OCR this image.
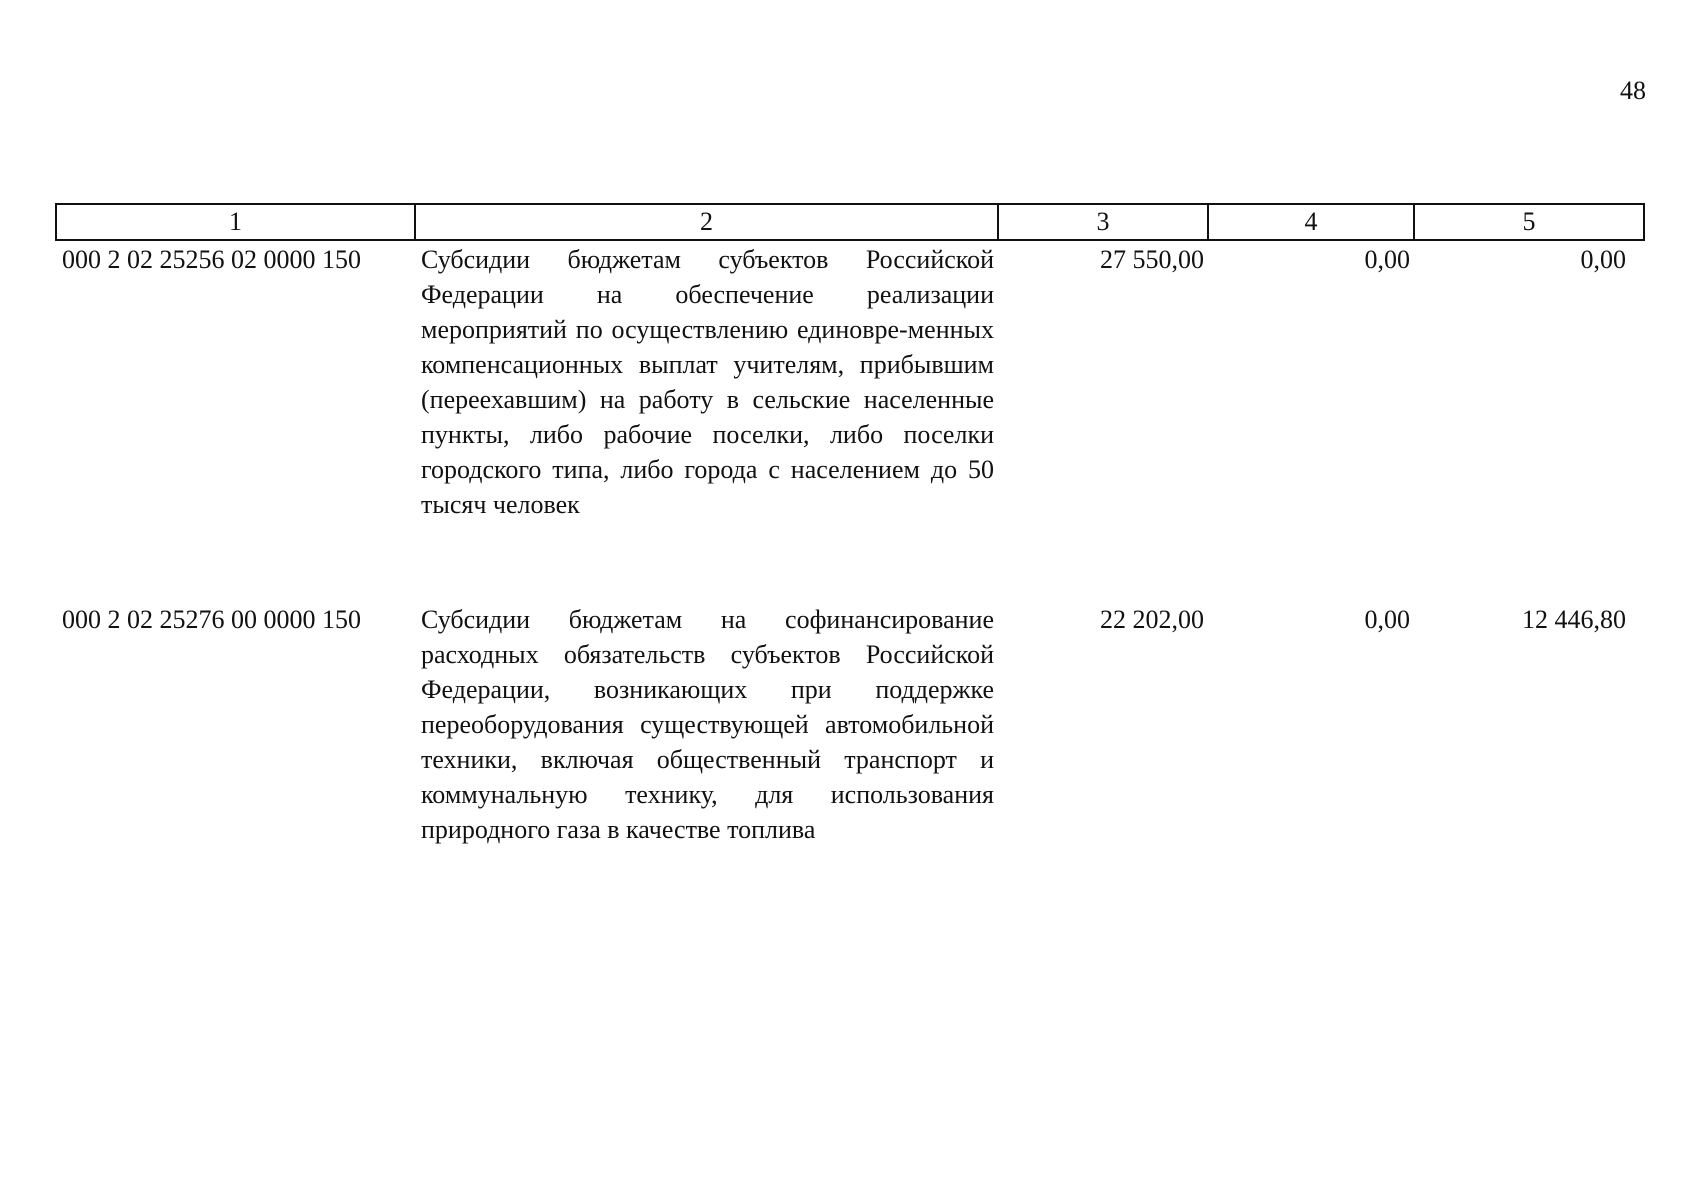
48
1	2	3	4	5
000 2 02 25256 02 0000 150	Субсидии бюджетам субъектов Российской Федерации на обеспечение реализации мероприятий по осуществлению единовре-менных компенсационных выплат учителям, прибывшим (переехавшим) на работу в сельские населенные пункты, либо рабочие поселки, либо поселки городского типа, либо города с населением до 50 тысяч человек	27 550,00	0,00	0,00
000 2 02 25276 00 0000 150	Субсидии бюджетам на софинансирование расходных обязательств субъектов Российской Федерации, возникающих при поддержке переоборудования существующей автомобильной техники, включая общественный транспорт и коммунальную технику, для использования природного газа в качестве топлива	22 202,00	0,00	12 446,80
